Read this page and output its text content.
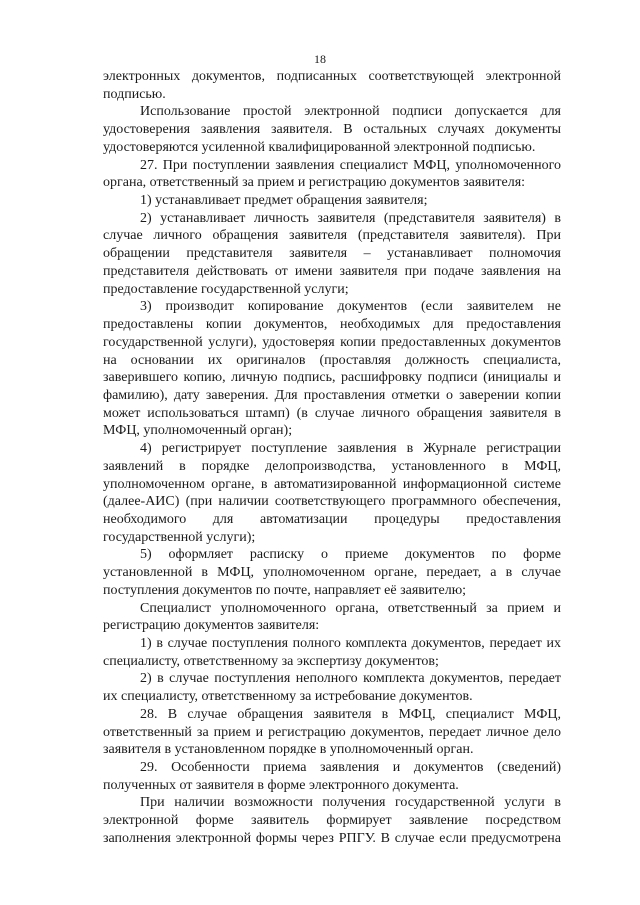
18
электронных документов, подписанных соответствующей электронной
подписью.
Использование простой электронной подписи допускается для
удостоверения заявления заявителя. В остальных случаях документы
удостоверяются усиленной квалифицированной электронной подписью.
27. При поступлении заявления специалист МФЦ, уполномоченного
органа, ответственный за прием и регистрацию документов заявителя:
1) устанавливает предмет обращения заявителя;
2) устанавливает личность заявителя (представителя заявителя) в
случае личного обращения заявителя (представителя заявителя). При
обращении представителя заявителя – устанавливает полномочия
представителя действовать от имени заявителя при подаче заявления на
предоставление государственной услуги;
3) производит копирование документов (если заявителем не
предоставлены копии документов, необходимых для предоставления
государственной услуги), удостоверяя копии предоставленных документов
на основании их оригиналов (проставляя должность специалиста,
заверившего копию, личную подпись, расшифровку подписи (инициалы и
фамилию), дату заверения. Для проставления отметки о заверении копии
может использоваться штамп) (в случае личного обращения заявителя в
МФЦ, уполномоченный орган);
4) регистрирует поступление заявления в Журнале регистрации
заявлений в порядке делопроизводства, установленного в МФЦ,
уполномоченном органе, в автоматизированной информационной системе
(далее-АИС) (при наличии соответствующего программного обеспечения,
необходимого для автоматизации процедуры предоставления
государственной услуги);
5) оформляет расписку о приеме документов по форме
установленной в МФЦ, уполномоченном органе, передает, а в случае
поступления документов по почте, направляет её заявителю;
Специалист уполномоченного органа, ответственный за прием и
регистрацию документов заявителя:
1) в случае поступления полного комплекта документов, передает их
специалисту, ответственному за экспертизу документов;
2) в случае поступления неполного комплекта документов, передает
их специалисту, ответственному за истребование документов.
28. В случае обращения заявителя в МФЦ, специалист МФЦ,
ответственный за прием и регистрацию документов, передает личное дело
заявителя в установленном порядке в уполномоченный орган.
29. Особенности приема заявления и документов (сведений)
полученных от заявителя в форме электронного документа.
При наличии возможности получения государственной услуги в
электронной форме заявитель формирует заявление посредством
заполнения электронной формы через РПГУ. В случае если предусмотрена
